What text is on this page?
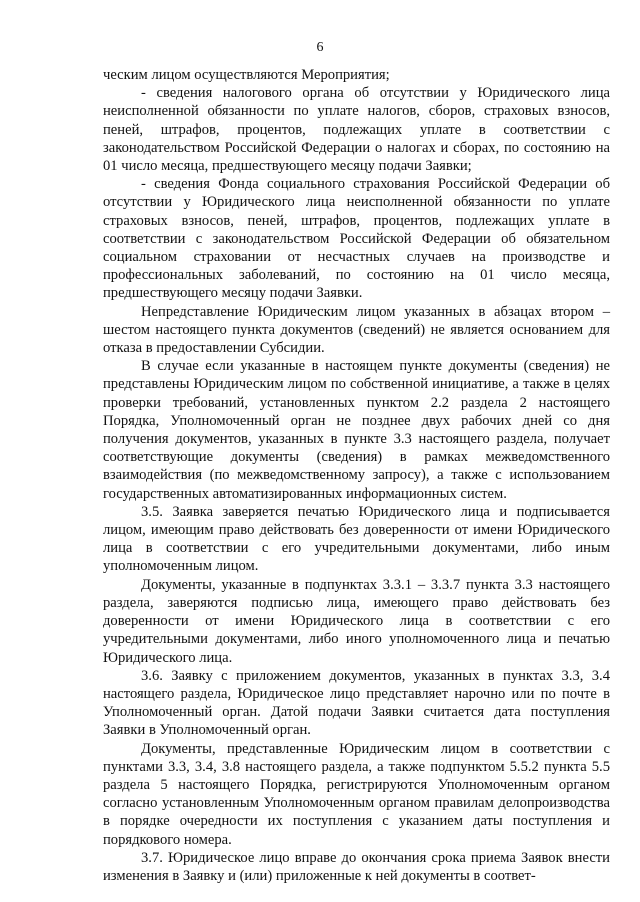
6

ческим лицом осуществляются Мероприятия;

- сведения налогового органа об отсутствии у Юридического лица неисполненной обязанности по уплате налогов, сборов, страховых взносов, пеней, штрафов, процентов, подлежащих уплате в соответствии с законодательством Российской Федерации о налогах и сборах, по состоянию на 01 число месяца, предшествующего месяцу подачи Заявки;

- сведения Фонда социального страхования Российской Федерации об отсутствии у Юридического лица неисполненной обязанности по уплате страховых взносов, пеней, штрафов, процентов, подлежащих уплате в соответствии с законодательством Российской Федерации об обязательном социальном страховании от несчастных случаев на производстве и профессиональных заболеваний, по состоянию на 01 число месяца, предшествующего месяцу подачи Заявки.

Непредставление Юридическим лицом указанных в абзацах втором – шестом настоящего пункта документов (сведений) не является основанием для отказа в предоставлении Субсидии.

В случае если указанные в настоящем пункте документы (сведения) не представлены Юридическим лицом по собственной инициативе, а также в целях проверки требований, установленных пунктом 2.2 раздела 2 настоящего Порядка, Уполномоченный орган не позднее двух рабочих дней со дня получения документов, указанных в пункте 3.3 настоящего раздела, получает соответствующие документы (сведения) в рамках межведомственного взаимодействия (по межведомственному запросу), а также с использованием государственных автоматизированных информационных систем.

3.5. Заявка заверяется печатью Юридического лица и подписывается лицом, имеющим право действовать без доверенности от имени Юридического лица в соответствии с его учредительными документами, либо иным уполномоченным лицом.

Документы, указанные в подпунктах 3.3.1 – 3.3.7 пункта 3.3 настоящего раздела, заверяются подписью лица, имеющего право действовать без доверенности от имени Юридического лица в соответствии с его учредительными документами, либо иного уполномоченного лица и печатью Юридического лица.

3.6. Заявку с приложением документов, указанных в пунктах 3.3, 3.4 настоящего раздела, Юридическое лицо представляет нарочно или по почте в Уполномоченный орган. Датой подачи Заявки считается дата поступления Заявки в Уполномоченный орган.

Документы, представленные Юридическим лицом в соответствии с пунктами 3.3, 3.4, 3.8 настоящего раздела, а также подпунктом 5.5.2 пункта 5.5 раздела 5 настоящего Порядка, регистрируются Уполномоченным органом согласно установленным Уполномоченным органом правилам делопроизводства в порядке очередности их поступления с указанием даты поступления и порядкового номера.

3.7. Юридическое лицо вправе до окончания срока приема Заявок внести изменения в Заявку и (или) приложенные к ней документы в соответ-
